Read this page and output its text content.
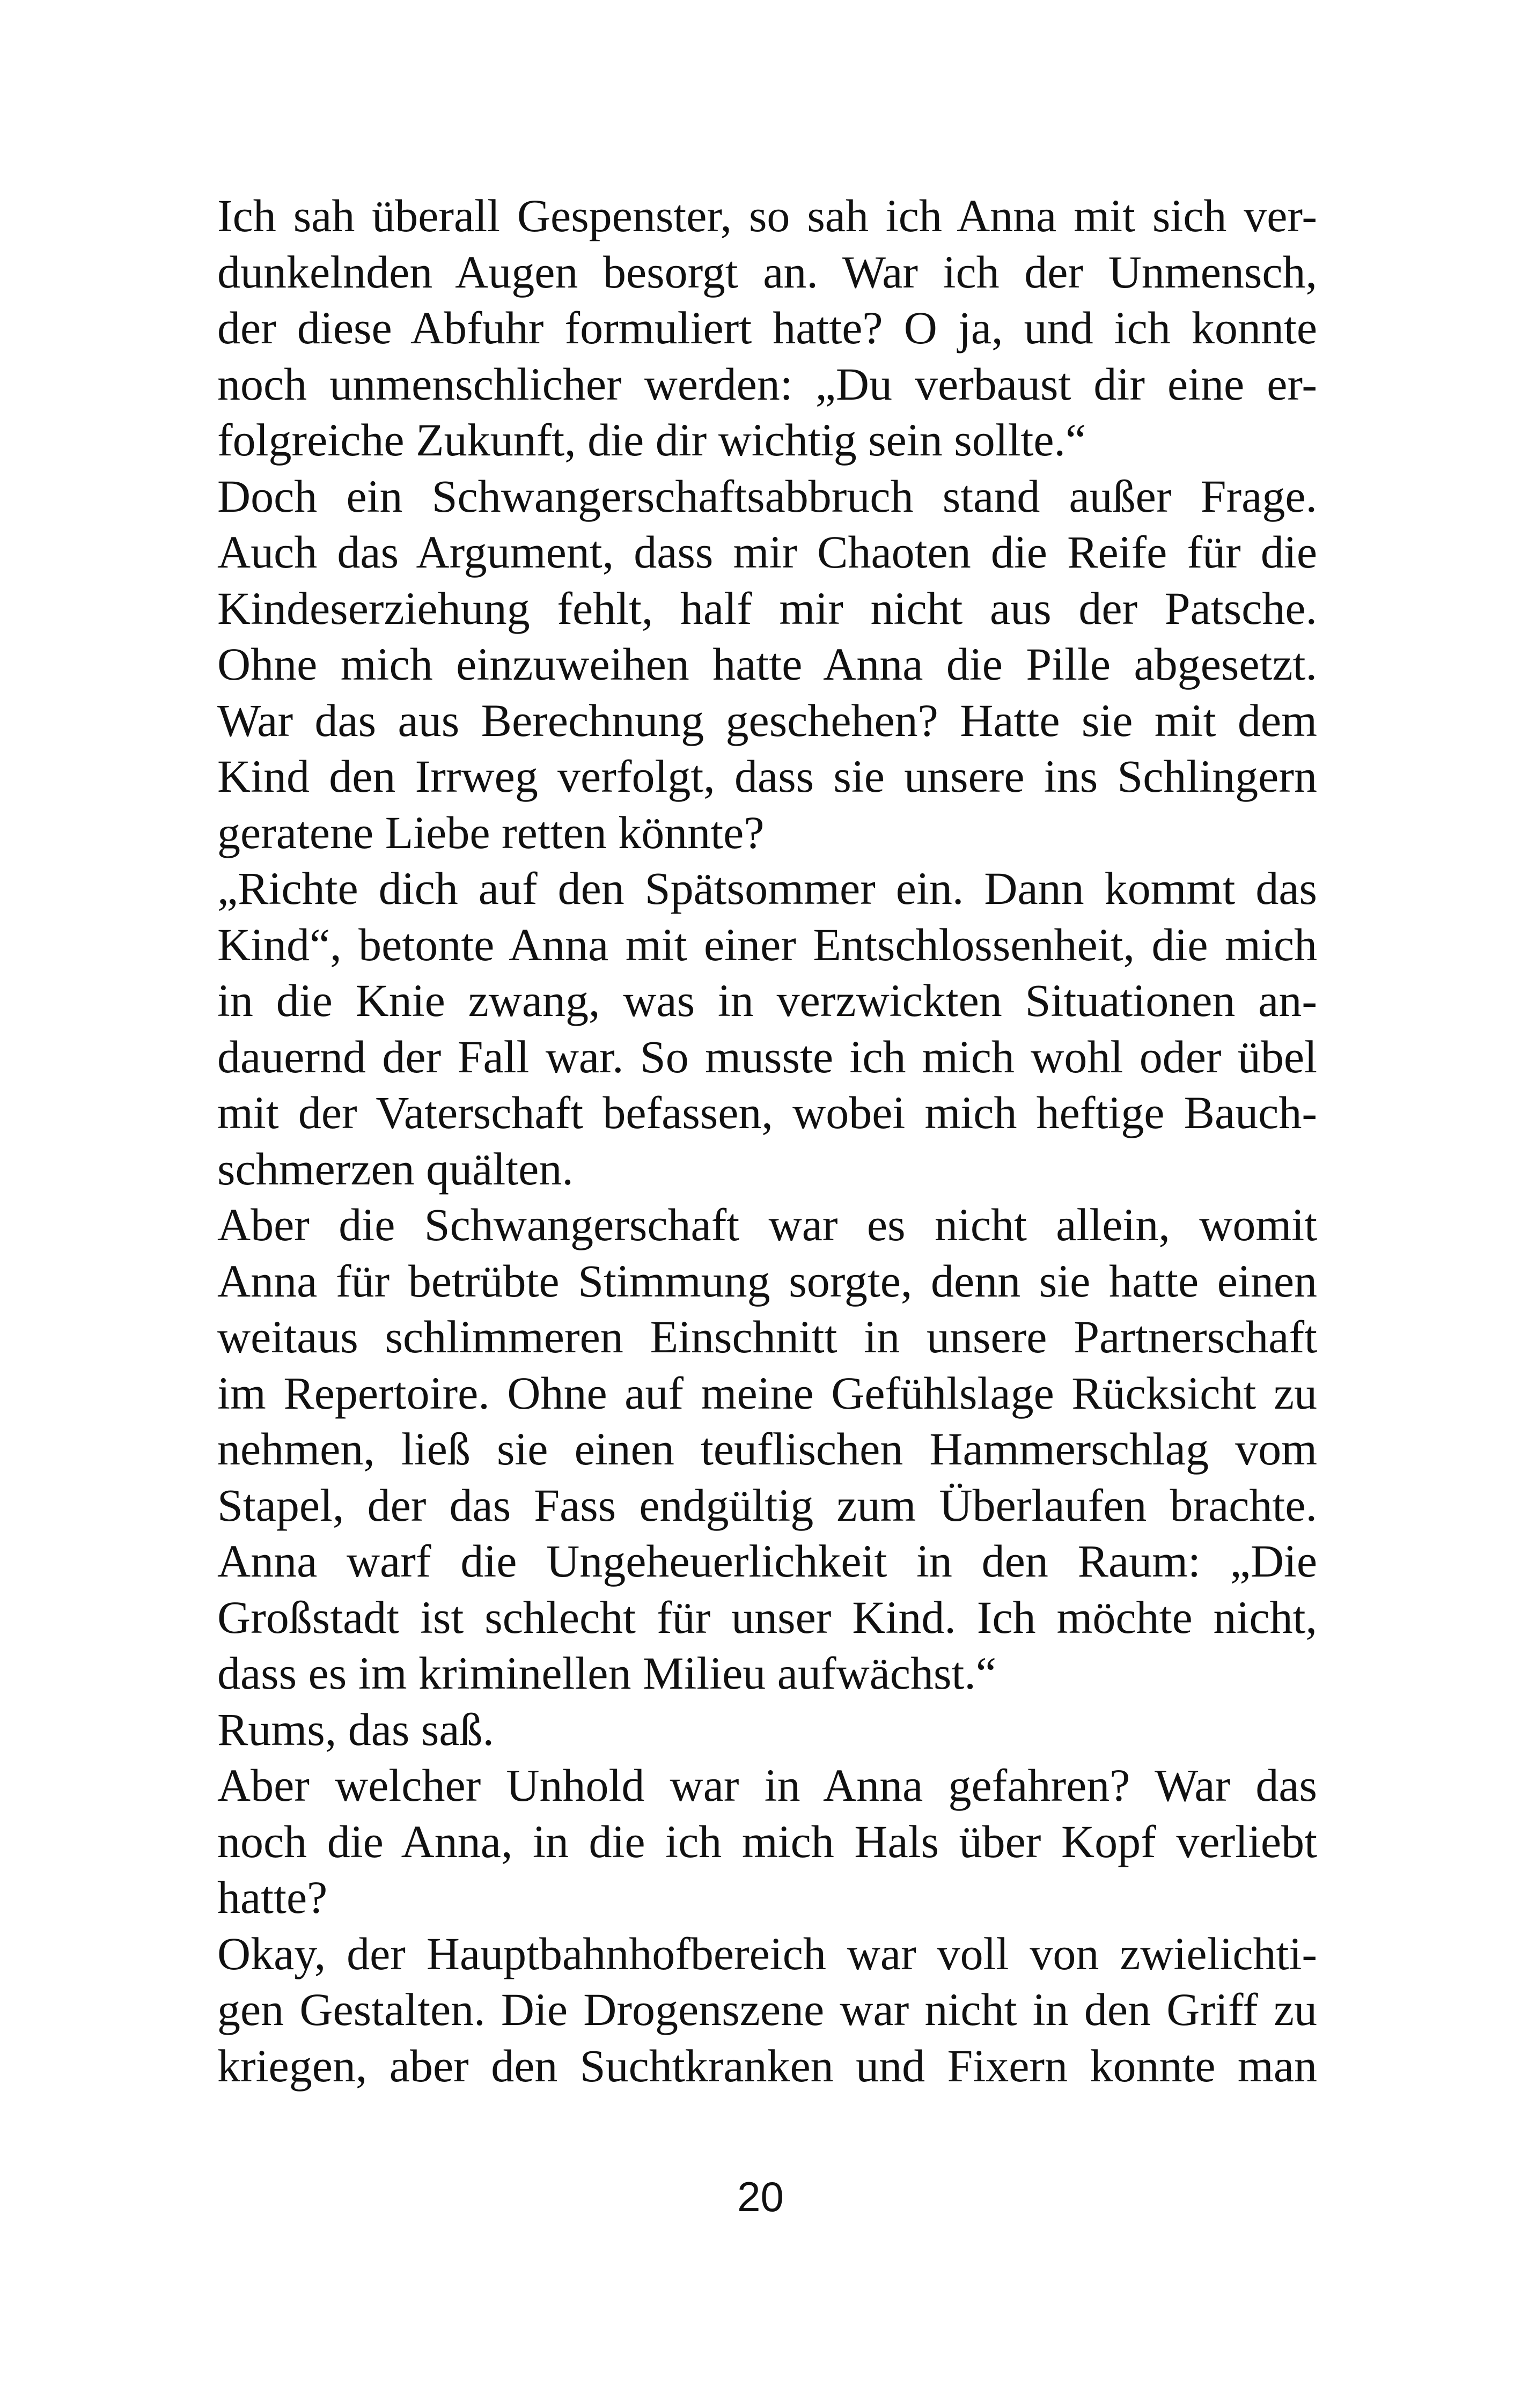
Ich sah überall Gespenster, so sah ich Anna mit sich ver-
dunkelnden Augen besorgt an. War ich der Unmensch,
der diese Abfuhr formuliert hatte? O ja, und ich konnte
noch unmenschlicher werden: „Du verbaust dir eine er-
folgreiche Zukunft, die dir wichtig sein sollte.“
Doch ein Schwangerschaftsabbruch stand außer Frage.
Auch das Argument, dass mir Chaoten die Reife für die
Kindeserziehung fehlt, half mir nicht aus der Patsche.
Ohne mich einzuweihen hatte Anna die Pille abgesetzt.
War das aus Berechnung geschehen? Hatte sie mit dem
Kind den Irrweg verfolgt, dass sie unsere ins Schlingern
geratene Liebe retten könnte?
„Richte dich auf den Spätsommer ein. Dann kommt das
Kind“, betonte Anna mit einer Entschlossenheit, die mich
in die Knie zwang, was in verzwickten Situationen an-
dauernd der Fall war. So musste ich mich wohl oder übel
mit der Vaterschaft befassen, wobei mich heftige Bauch-
schmerzen quälten.
Aber die Schwangerschaft war es nicht allein, womit
Anna für betrübte Stimmung sorgte, denn sie hatte einen
weitaus schlimmeren Einschnitt in unsere Partnerschaft
im Repertoire. Ohne auf meine Gefühlslage Rücksicht zu
nehmen, ließ sie einen teuflischen Hammerschlag vom
Stapel, der das Fass endgültig zum Überlaufen brachte.
Anna warf die Ungeheuerlichkeit in den Raum: „Die
Großstadt ist schlecht für unser Kind. Ich möchte nicht,
dass es im kriminellen Milieu aufwächst.“
Rums, das saß.
Aber welcher Unhold war in Anna gefahren? War das
noch die Anna, in die ich mich Hals über Kopf verliebt
hatte?
Okay, der Hauptbahnhofbereich war voll von zwielichti-
gen Gestalten. Die Drogenszene war nicht in den Griff zu
kriegen, aber den Suchtkranken und Fixern konnte man
20
